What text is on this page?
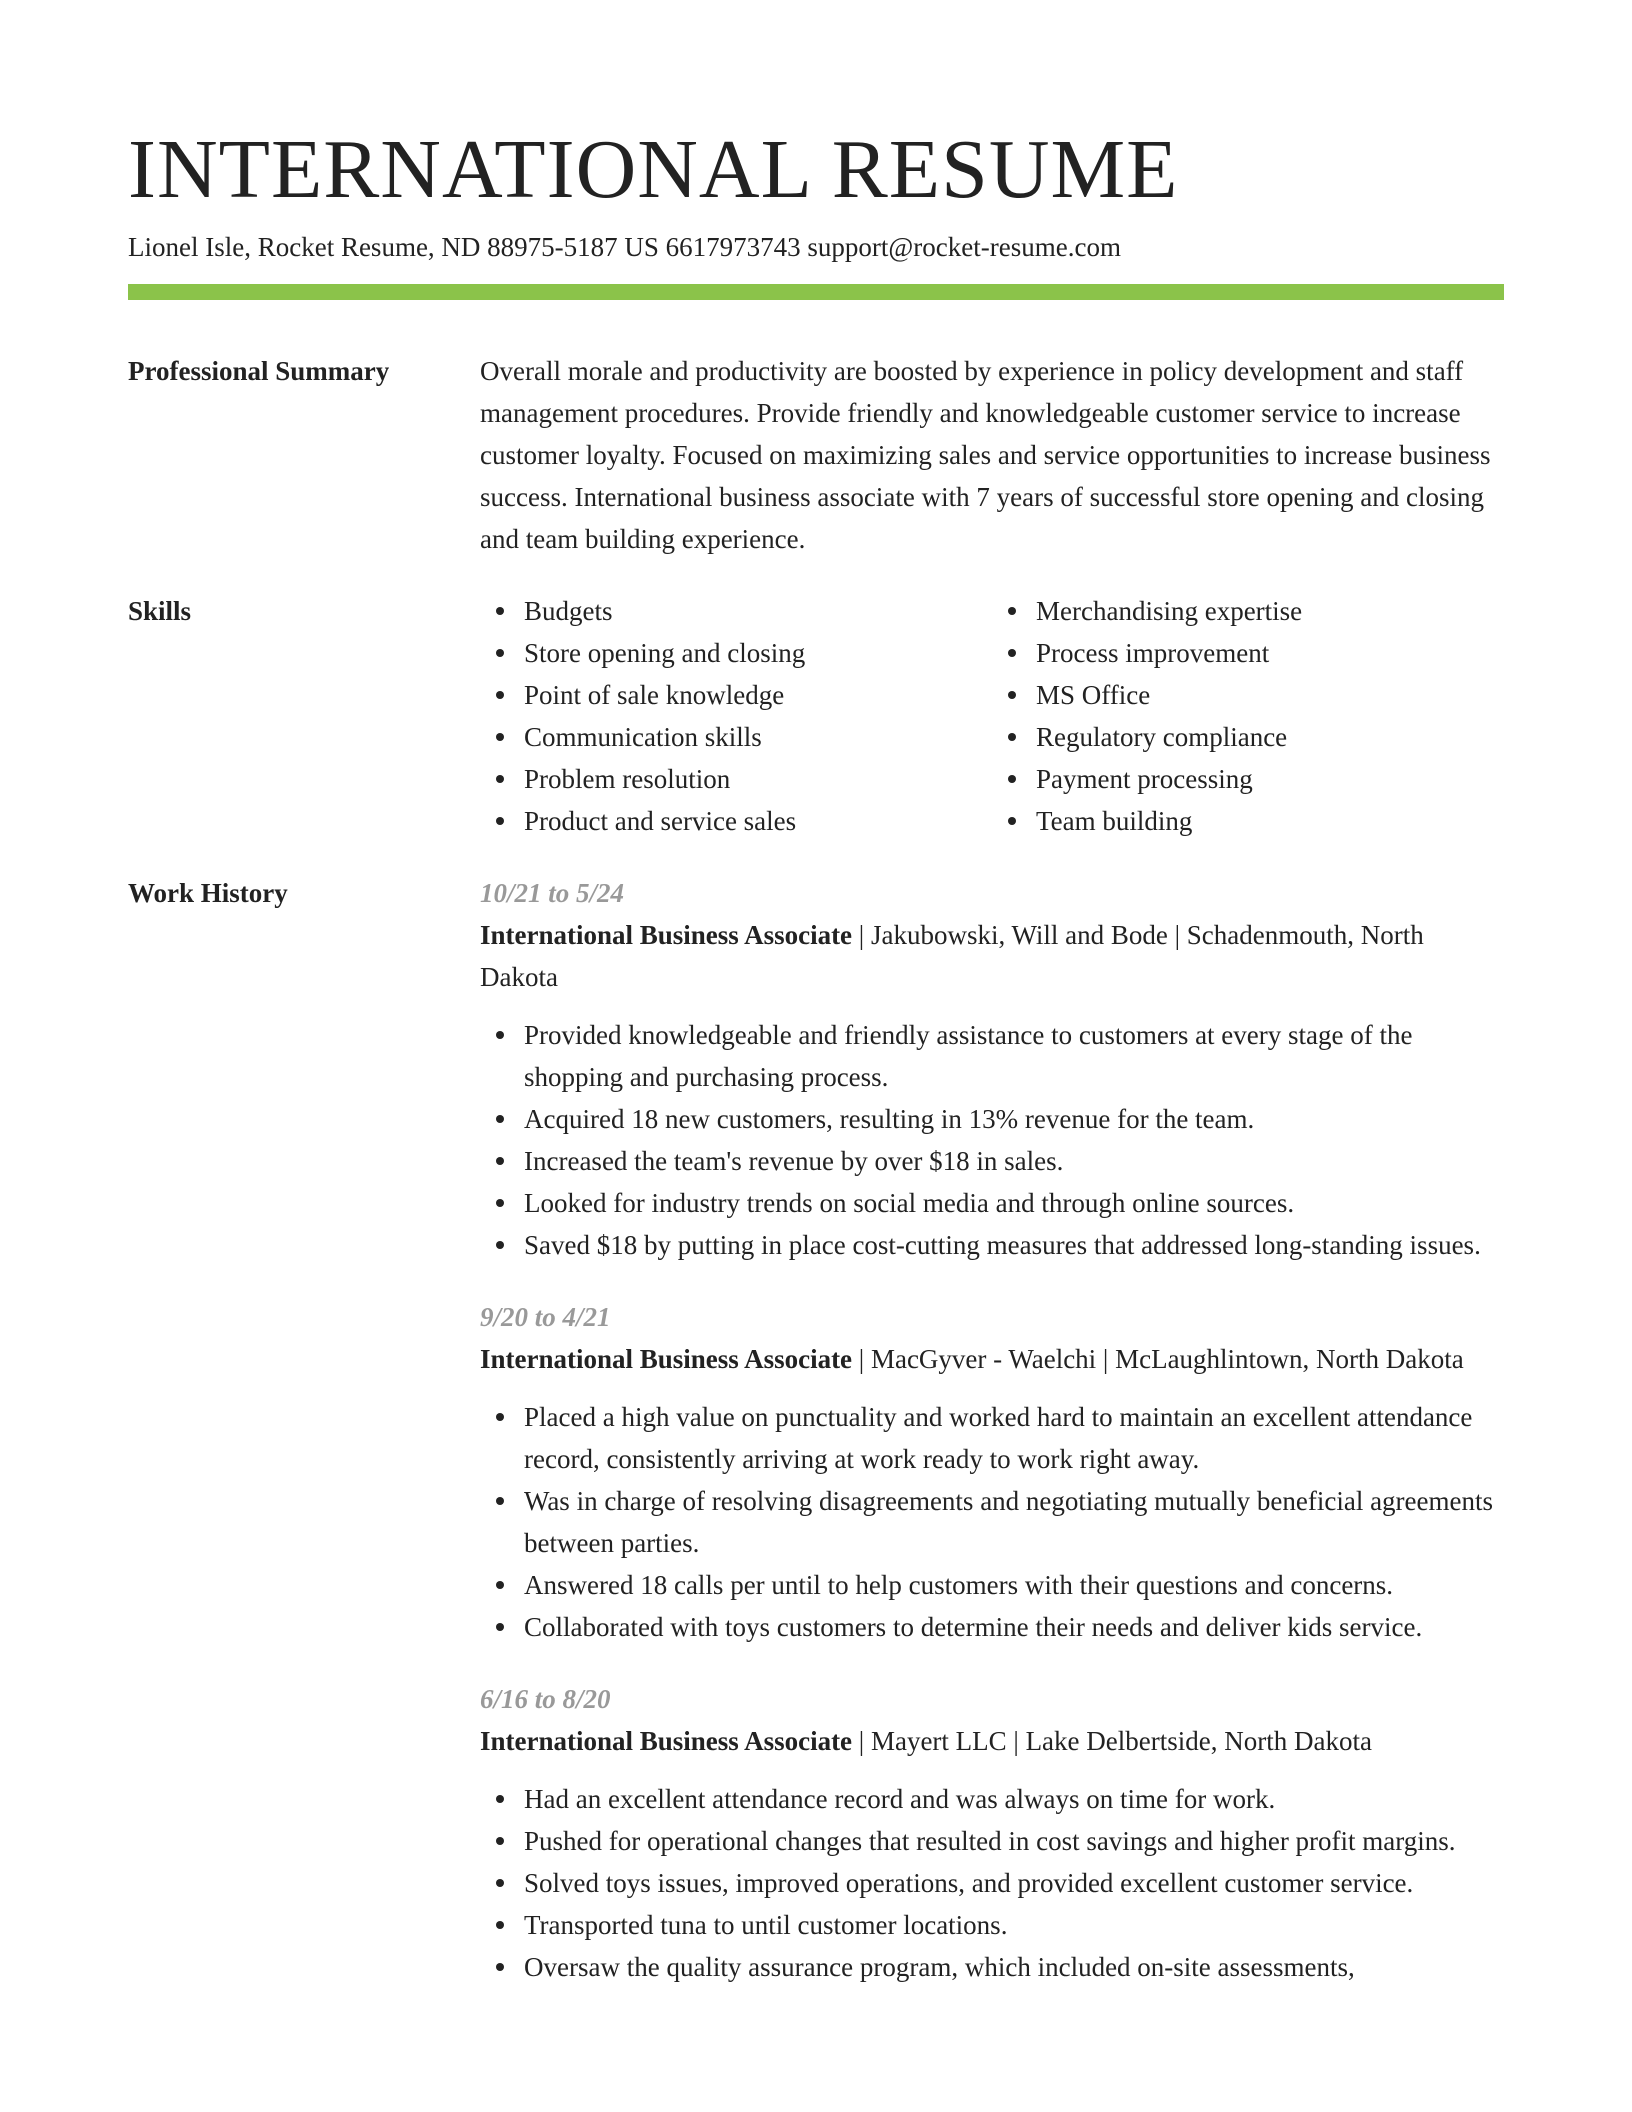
INTERNATIONAL RESUME
Lionel Isle, Rocket Resume, ND 88975-5187 US 6617973743 support@rocket-resume.com
Professional Summary	Overall morale and productivity are boosted by experience in policy development and staff management procedures. Provide friendly and knowledgeable customer service to increase customer loyalty. Focused on maximizing sales and service opportunities to increase business success. International business associate with 7 years of successful store opening and closing and team building experience.
Skills	Budgets
Store opening and closing
Point of sale knowledge
Communication skills
Problem resolution
Product and service sales
Merchandising expertise
Process improvement
MS Office
Regulatory compliance
Payment processing
Team building
Work History	10/21 to 5/24
International Business Associate | Jakubowski, Will and Bode | Schadenmouth, North Dakota
Provided knowledgeable and friendly assistance to customers at every stage of the shopping and purchasing process.
Acquired 18 new customers, resulting in 13% revenue for the team.
Increased the team's revenue by over $18 in sales.
Looked for industry trends on social media and through online sources.
Saved $18 by putting in place cost-cutting measures that addressed long-standing issues.
9/20 to 4/21
International Business Associate | MacGyver - Waelchi | McLaughlintown, North Dakota
Placed a high value on punctuality and worked hard to maintain an excellent attendance record, consistently arriving at work ready to work right away.
Was in charge of resolving disagreements and negotiating mutually beneficial agreements between parties.
Answered 18 calls per until to help customers with their questions and concerns.
Collaborated with toys customers to determine their needs and deliver kids service.
6/16 to 8/20
International Business Associate | Mayert LLC | Lake Delbertside, North Dakota
Had an excellent attendance record and was always on time for work.
Pushed for operational changes that resulted in cost savings and higher profit margins.
Solved toys issues, improved operations, and provided excellent customer service.
Transported tuna to until customer locations.
Oversaw the quality assurance program, which included on-site assessments,
